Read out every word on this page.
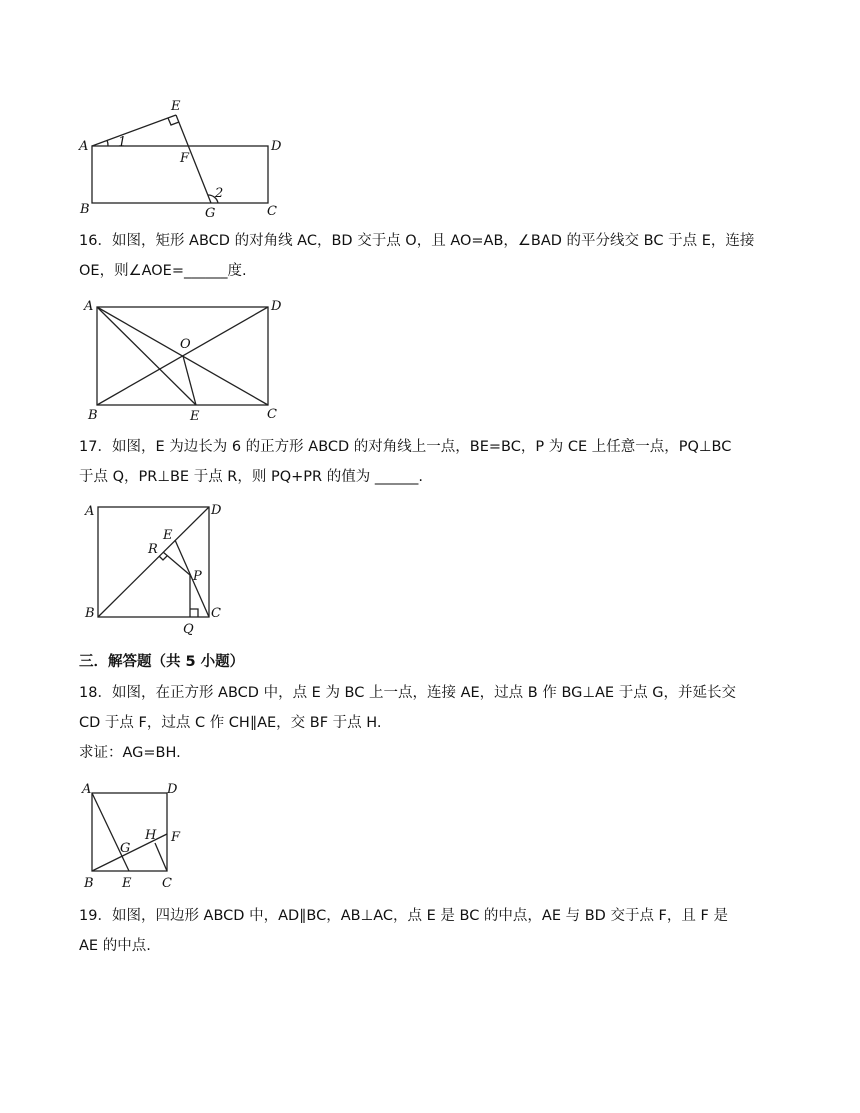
A
E
D
F
B	G	C
1
2
16．如图，矩形 ABCD 的对角线 AC，BD 交于点 O，且 AO=AB，∠BAD 的平分线交 BC 于点 E，连接
OE，则∠AOE=______度.
A	D
O
B	E	C
17．如图，E 为边长为 6 的正方形 ABCD 的对角线上一点，BE=BC，P 为 CE 上任意一点，PQ⊥BC
于点 Q，PR⊥BE 于点 R，则 PQ+PR 的值为 ______.
A	D
E
R
P
B	C
Q
三．解答题（共 5 小题）
18．如图，在正方形 ABCD 中，点 E 为 BC 上一点，连接 AE，过点 B 作 BG⊥AE 于点 G，并延长交
CD 于点 F，过点 C 作 CH∥AE，交 BF 于点 H.
求证：AG=BH.
A	D
H F
G
B E C
19．如图，四边形 ABCD 中，AD∥BC，AB⊥AC，点 E 是 BC 的中点，AE 与 BD 交于点 F，且 F 是
AE 的中点.
